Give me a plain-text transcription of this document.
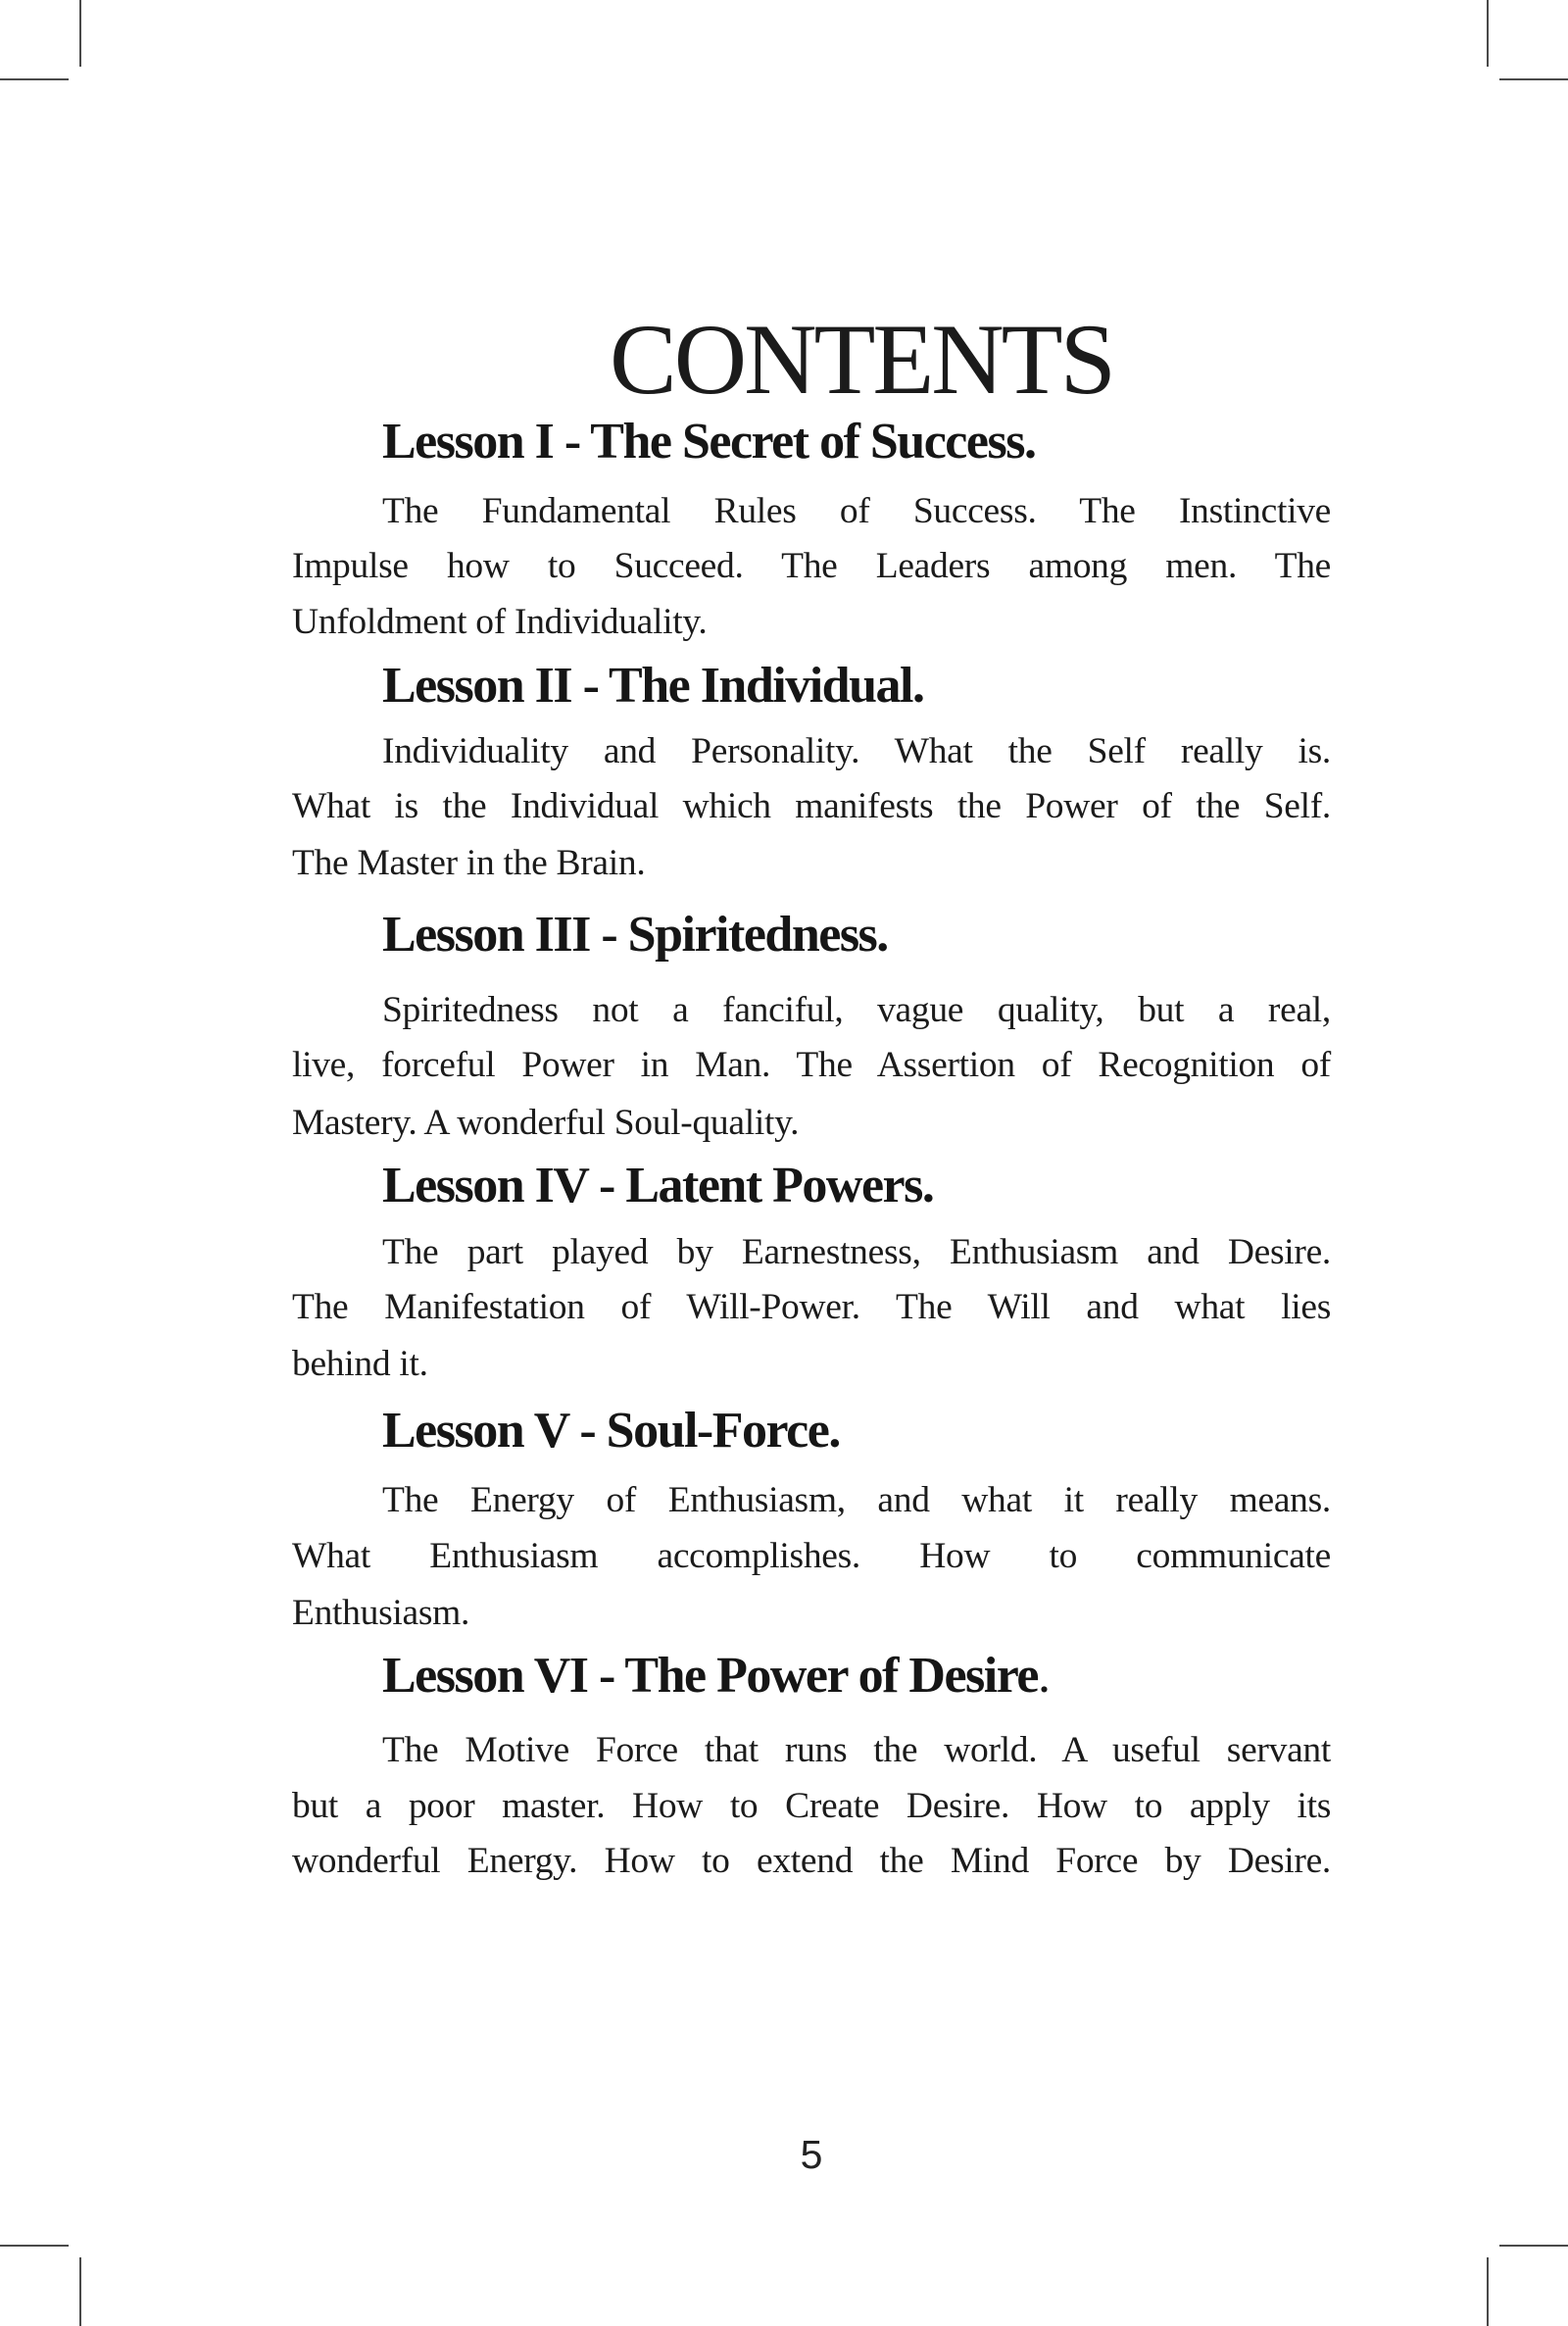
CONTENTS
Lesson I - The Secret of Success.
The Fundamental Rules of Success. The Instinctive
Impulse how to Succeed. The Leaders among men. The
Unfoldment of Individuality.
Lesson II - The Individual.
Individuality and Personality. What the Self really is.
What is the Individual which manifests the Power of the Self.
The Master in the Brain.
Lesson III - Spiritedness.
Spiritedness not a fanciful, vague quality, but a real,
live, forceful Power in Man. The Assertion of Recognition of
Mastery. A wonderful Soul-quality.
Lesson IV - Latent Powers.
The part played by Earnestness, Enthusiasm and Desire.
The Manifestation of Will-Power. The Will and what lies
behind it.
Lesson V - Soul-Force.
The Energy of Enthusiasm, and what it really means.
What Enthusiasm accomplishes. How to communicate
Enthusiasm.
Lesson VI - The Power of Desire.
The Motive Force that runs the world. A useful servant
but a poor master. How to Create Desire. How to apply its
wonderful Energy. How to extend the Mind Force by Desire.
5
